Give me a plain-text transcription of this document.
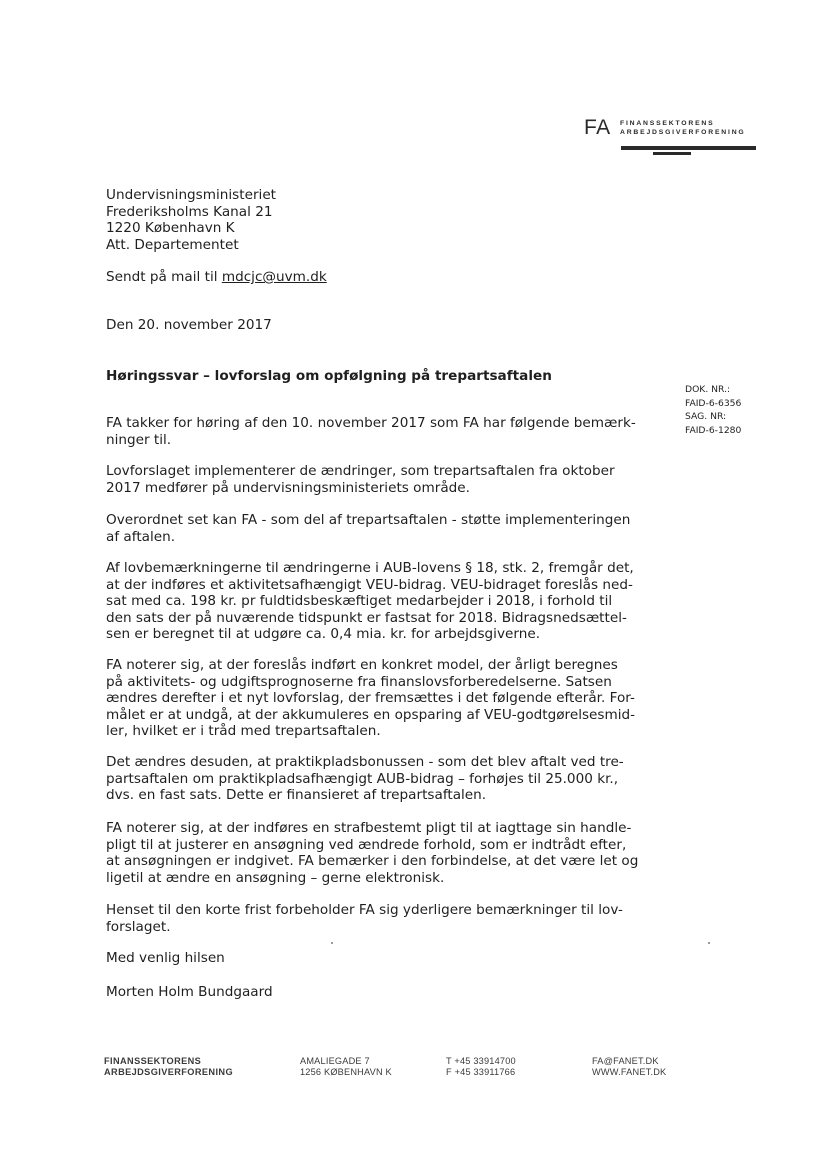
FA FINANSSEKTORENS
ARBEJDSGIVERFORENING
Undervisningsministeriet
Frederiksholms Kanal 21
1220 København K
Att. Departementet
Sendt på mail til mdcjc@uvm.dk
Den 20. november 2017
Høringssvar – lovforslag om opfølgning på trepartsaftalen
DOK. NR.:
FAID-6-6356
SAG. NR:
FAID-6-1280
FA takker for høring af den 10. november 2017 som FA har følgende bemærk-
ninger til.
Lovforslaget implementerer de ændringer, som trepartsaftalen fra oktober
2017 medfører på undervisningsministeriets område.
Overordnet set kan FA - som del af trepartsaftalen - støtte implementeringen
af aftalen.
Af lovbemærkningerne til ændringerne i AUB-lovens § 18, stk. 2, fremgår det,
at der indføres et aktivitetsafhængigt VEU-bidrag. VEU-bidraget foreslås ned-
sat med ca. 198 kr. pr fuldtidsbeskæftiget medarbejder i 2018, i forhold til
den sats der på nuværende tidspunkt er fastsat for 2018. Bidragsnedsættel-
sen er beregnet til at udgøre ca. 0,4 mia. kr. for arbejdsgiverne.
FA noterer sig, at der foreslås indført en konkret model, der årligt beregnes
på aktivitets- og udgiftsprognoserne fra finanslovsforberedelserne. Satsen
ændres derefter i et nyt lovforslag, der fremsættes i det følgende efterår. For-
målet er at undgå, at der akkumuleres en opsparing af VEU-godtgørelsesmid-
ler, hvilket er i tråd med trepartsaftalen.
Det ændres desuden, at praktikpladsbonussen - som det blev aftalt ved tre-
partsaftalen om praktikpladsafhængigt AUB-bidrag – forhøjes til 25.000 kr.,
dvs. en fast sats. Dette er finansieret af trepartsaftalen.
FA noterer sig, at der indføres en strafbestemt pligt til at iagttage sin handle-
pligt til at justerer en ansøgning ved ændrede forhold, som er indtrådt efter,
at ansøgningen er indgivet. FA bemærker i den forbindelse, at det være let og
ligetil at ændre en ansøgning – gerne elektronisk.
Henset til den korte frist forbeholder FA sig yderligere bemærkninger til lov-
forslaget.
Med venlig hilsen
Morten Holm Bundgaard
FINANSSEKTORENS
ARBEJDSGIVERFORENING
AMALIEGADE 7
1256 KØBENHAVN K
T +45 33914700
F +45 33911766
FA@FANET.DK
WWW.FANET.DK
